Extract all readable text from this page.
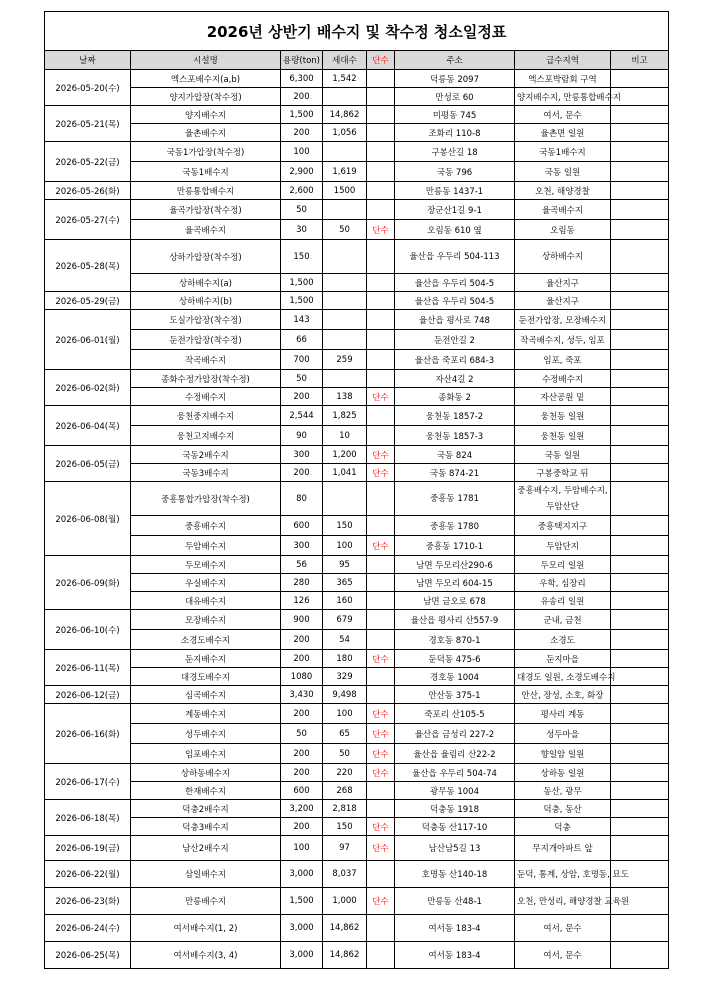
2026년 상반기 배수지 및 착수정 청소일정표							
날짜	시설명	용량(ton)	세대수	단수	주소	급수지역	비고
2026-05-20(수)	엑스포배수지(a,b)	6,300	1,542		덕릉동 2097	엑스포박람회 구역	
	양지가압장(착수정)	200			만성로 60	양지배수지, 만릉통합배수지	
2026-05-21(목)	양지배수지	1,500	14,862		미평동 745	여서, 문수	
	율촌배수지	200	1,056		조화리 110-8	율촌면 일원	
2026-05-22(금)	국동1가압장(착수정)	100			구봉산길 18	국동1배수지	
	국동1배수지	2,900	1,619		국동 796	국동 일원	
2026-05-26(화)	만릉통합배수지	2,600	1500		만릉동 1437-1	오천, 해양경찰	
2026-05-27(수)	율곡가압장(착수정)	50			장군산1길 9-1	율곡배수지	
	율곡배수지	30	50	단수	오림동 610 옆	오림동	
2026-05-28(목)	상하가압장(착수정)	150			율산읍 우두리 504-113	상하배수지	
	상하배수지(a)	1,500			율산읍 우두리 504-5	율산지구	
2026-05-29(금)	상하배수지(b)	1,500			율산읍 우두리 504-5	율산지구	
2026-06-01(월)	도실가압장(착수정)	143			율산읍 평사로 748	둔전가압장, 모장배수지	
	둔전가압장(착수정)	66			둔전안길 2	작곡배수지, 성두, 임포	
	작곡배수지	700	259		율산읍 죽포리 684-3	임포, 죽포	
2026-06-02(화)	종화수정가압장(착수정)	50			자산4길 2	수정배수지	
	수정배수지	200	138	단수	종화동 2	자산공원 밑	
2026-06-04(목)	웅천중지배수지	2,544	1,825		웅천동 1857-2	웅천동 일원	
	웅천고지배수지	90	10		웅천동 1857-3	웅천동 일원	
2026-06-05(금)	국동2배수지	300	1,200	단수	국동 824	국동 일원	
	국동3배수지	200	1,041	단수	국동 874-21	구봉중학교 뒤	
2026-06-08(월)	중흥통합가압장(착수정)	80			중흥동 1781	중흥배수지, 두암배수지, 두암산단	
	중흥배수지	600	150		중흥동 1780	중흥택지지구	
	두암배수지	300	100	단수	중흥동 1710-1	두암단지	
2026-06-09(화)	두모배수지	56	95		남면 두모리산290-6	두모리 일원	
	우실배수지	280	365		남면 두모리 604-15	우학, 심장리	
	대유배수지	126	160		남면 금오로 678	유송리 일원	
2026-06-10(수)	모장배수지	900	679		율산읍 평사리 산557-9	군내, 금천	
	소경도배수지	200	54		경호동 870-1	소경도	
2026-06-11(목)	둔지배수지	200	180	단수	둔덕동 475-6	둔지마을	
	대경도배수지	1080	329		경호동 1004	대경도 일원, 소경도배수지	
2026-06-12(금)	심곡배수지	3,430	9,498		안산동 375-1	안산, 장성, 소호, 화장	
2026-06-16(화)	계동배수지	200	100	단수	죽포리 산105-5	평사리 계동	
	성두배수지	50	65	단수	율산읍 금성리 227-2	성두마을	
	임포배수지	200	50	단수	율산읍 율림리 산22-2	향일암 일원	
2026-06-17(수)	상하동배수지	200	220	단수	율산읍 우두리 504-74	상하동 일원	
	한재배수지	600	268		광무동 1004	동산, 광무	
2026-06-18(목)	덕충2배수지	3,200	2,818		덕충동 1918	덕충, 동산	
	덕충3배수지	200	150	단수	덕충동 산117-10	덕충	
2026-06-19(금)	남산2배수지	100	97	단수	남산남5길 13	무지개아파트 앞	
2026-06-22(월)	삼일배수지	3,000	8,037		호명동 산140-18	둔덕, 통계, 상암, 호명동, 묘도	
2026-06-23(화)	만릉배수지	1,500	1,000	단수	만릉동 산48-1	오천, 만성리, 해양경찰 교육원	
2026-06-24(수)	여서배수지(1, 2)	3,000	14,862		여서동 183-4	여서, 문수	
2026-06-25(목)	여서배수지(3, 4)	3,000	14,862		여서동 183-4	여서, 문수	
